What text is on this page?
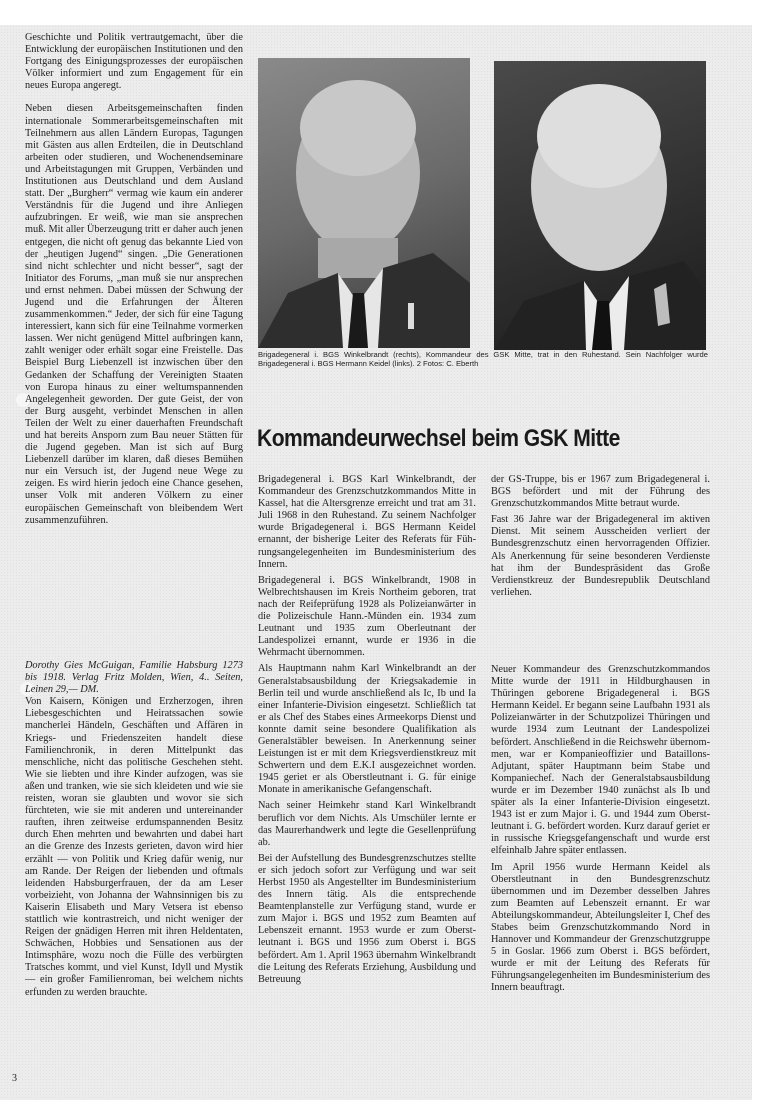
Geschichte und Politik vertrautgemacht, über die Entwicklung der europäischen Institutionen und den Fortgang des Einigungsprozesses der europäischen Völker informiert und zum Engagement für ein neues Europa angeregt.

Neben diesen Arbeitsgemeinschaften finden internationale Sommerarbeitsgemeinschaften mit Teilnehmern aus allen Ländern Europas, Tagungen mit Gästen aus allen Erdteilen, die in Deutschland arbeiten oder studieren, und Wochenendseminare und Arbeitstagungen mit Gruppen, Verbänden und Institutionen aus Deutschland und dem Ausland statt. Der „Burgherr“ vermag wie kaum ein anderer Verständnis für die Jugend und ihre Anliegen aufzubringen. Er weiß, wie man sie ansprechen muß. Mit aller Überzeugung tritt er daher auch jenen entgegen, die nicht oft genug das bekannte Lied von der „heutigen Jugend“ singen. „Die Generationen sind nicht schlechter und nicht besser“, sagt der Initiator des Forums, „man muß sie nur ansprechen und ernst nehmen. Dabei müssen der Schwung der Jugend und die Erfahrungen der Älteren zusammenkommen.“ Jeder, der sich für eine Tagung interessiert, kann sich für eine Teilnahme vormerken lassen. Wer nicht genügend Mittel aufbringen kann, zahlt weniger oder erhält sogar eine Freistelle. Das Beispiel Burg Liebenzell ist inzwischen über den Gedanken der Schaffung der Vereinigten Staaten von Europa hinaus zu einer weltumspannenden Angelegenheit geworden. Der gute Geist, der von der Burg ausgeht, verbindet Menschen in allen Teilen der Welt zu einer dauerhaften Freundschaft und hat bereits Ansporn zum Bau neuer Stätten für die Jugend gegeben. Man ist sich auf Burg Liebenzell darüber im klaren, daß dieses Bemühen nur ein Versuch ist, der Jugend neue Wege zu zeigen. Es wird hierin jedoch eine Chance gesehen, unser Volk mit anderen Völkern zu einer europäischen Gemeinschaft von bleibendem Wert zusammenzuführen.

Dorothy Gies McGuigan, Familie Habsburg 1273 bis 1918. Verlag Fritz Molden, Wien, 4.. Seiten, Leinen 29,— DM.

Von Kaisern, Königen und Erzherzogen, ihren Liebesgeschichten und Heiratssachen sowie mancherlei Händeln, Geschäften und Affären in Kriegs- und Friedenszeiten handelt diese Familienchronik, in deren Mittelpunkt das menschliche, nicht das politische Geschehen steht. Wie sie liebten und ihre Kinder aufzogen, was sie aßen und tranken, wie sie sich kleideten und wie sie reisten, woran sie glaubten und wovor sie sich fürchteten, wie sie mit anderen und untereinander rauften, ihren zeitweise erdumspannenden Besitz durch Ehen mehrten und bewahrten und dabei hart an die Grenze des Inzests gerieten, davon wird hier erzählt — von Politik und Krieg dafür wenig, nur am Rande. Der Reigen der liebenden und oftmals leidenden Habsburgerfrauen, der da am Leser vorbeizieht, von Johanna der Wahnsinnigen bis zu Kaiserin Elisabeth und Mary Vetsera ist ebenso stattlich wie kontrastreich, und nicht weniger der Reigen der gnädigen Herren mit ihren Heldentaten, Schwächen, Hobbies und Sensationen aus der Intimsphäre, wozu noch die Fülle des verbürgten Tratsches kommt, und viel Kunst, Idyll und Mystik — ein großer Familienroman, bei welchem nichts erfunden zu werden brauchte.

Brigadegeneral i. BGS Winkelbrandt (rechts), Kommandeur des GSK Mitte, trat in den Ruhestand. Sein Nachfolger wurde Brigadegeneral i. BGS Hermann Keidel (links). 2 Fotos: C. Eberth
Kommandeurwechsel beim GSK Mitte

Brigadegeneral i. BGS Karl Winkelbrandt, der Kommandeur des Grenzschutzkommandos Mitte in Kassel, hat die Altersgrenze erreicht und trat am 31. Juli 1968 in den Ruhestand. Zu seinem Nachfolger wurde Brigadegeneral i. BGS Hermann Keidel ernannt, der bisherige Leiter des Referats für Führungsangelegenheiten im Bundesministerium des Innern.

Brigadegeneral i. BGS Winkelbrandt, 1908 in Welbrechtshausen im Kreis Northeim geboren, trat nach der Reifeprüfung 1928 als Polizeianwärter in die Polizeischule Hann.-Münden ein. 1934 zum Leutnant und 1935 zum Oberleutnant der Landespolizei ernannt, wurde er 1936 in die Wehrmacht übernommen.

Als Hauptmann nahm Karl Winkelbrandt an der Generalstabsausbildung der Kriegsakademie in Berlin teil und wurde anschließend als Ic, Ib und Ia einer Infanterie-Division eingesetzt. Schließlich tat er als Chef des Stabes eines Armeekorps Dienst und konnte damit seine besondere Qualifikation als Generalstäbler beweisen. In Anerkennung seiner Leistungen ist er mit dem Kriegsverdienstkreuz mit Schwertern und dem E.K.I ausgezeichnet worden. 1945 geriet er als Oberstleutnant i. G. für einige Monate in amerikanische Gefangenschaft.

Nach seiner Heimkehr stand Karl Winkelbrandt beruflich vor dem Nichts. Als Umschüler lernte er das Maurerhandwerk und legte die Gesellenprüfung ab.

Bei der Aufstellung des Bundesgrenzschutzes stellte er sich jedoch sofort zur Verfügung und war seit Herbst 1950 als Angestellter im Bundesministerium des Innern tätig. Als die entsprechende Beamtenplanstelle zur Verfügung stand, wurde er zum Major i. BGS und 1952 zum Beamten auf Lebenszeit ernannt. 1953 wurde er zum Oberstleutnant i. BGS und 1956 zum Oberst i. BGS befördert. Am 1. April 1963 übernahm Winkelbrandt die Leitung des Referats Erziehung, Ausbildung und Betreuung

der GS-Truppe, bis er 1967 zum Brigadegeneral i. BGS befördert und mit der Führung des Grenzschutzkommandos Mitte betraut wurde.

Fast 36 Jahre war der Brigadegeneral im aktiven Dienst. Mit seinem Ausscheiden verliert der Bundesgrenzschutz einen hervorragenden Offizier. Als Anerkennung für seine besonderen Verdienste hat ihm der Bundespräsident das Große Verdienstkreuz der Bundesrepublik Deutschland verliehen.

Neuer Kommandeur des Grenzschutzkommandos Mitte wurde der 1911 in Hildburghausen in Thüringen geborene Brigadegeneral i. BGS Hermann Keidel. Er begann seine Laufbahn 1931 als Polizeianwärter in der Schutzpolizei Thüringen und wurde 1934 zum Leutnant der Landespolizei befördert. Anschließend in die Reichswehr übernommen, war er Kompanieoffizier und Bataillons-Adjutant, später Hauptmann beim Stabe und Kompaniechef. Nach der Generalstabsausbildung wurde er im Dezember 1940 zunächst als Ib und später als Ia einer Infanterie-Division eingesetzt. 1943 ist er zum Major i. G. und 1944 zum Oberstleutnant i. G. befördert worden. Kurz darauf geriet er in russische Kriegsgefangenschaft und wurde erst elfeinhalb Jahre später entlassen.

Im April 1956 wurde Hermann Keidel als Oberstleutnant in den Bundesgrenzschutz übernommen und im Dezember desselben Jahres zum Beamten auf Lebenszeit ernannt. Er war Abteilungskommandeur, Abteilungsleiter I, Chef des Stabes beim Grenzschutzkommando Nord in Hannover und Kommandeur der Grenzschutzgruppe 5 in Goslar. 1966 zum Oberst i. BGS befördert, wurde er mit der Leitung des Referats für Führungsangelegenheiten im Bundesministerium des Innern beauftragt.

3
